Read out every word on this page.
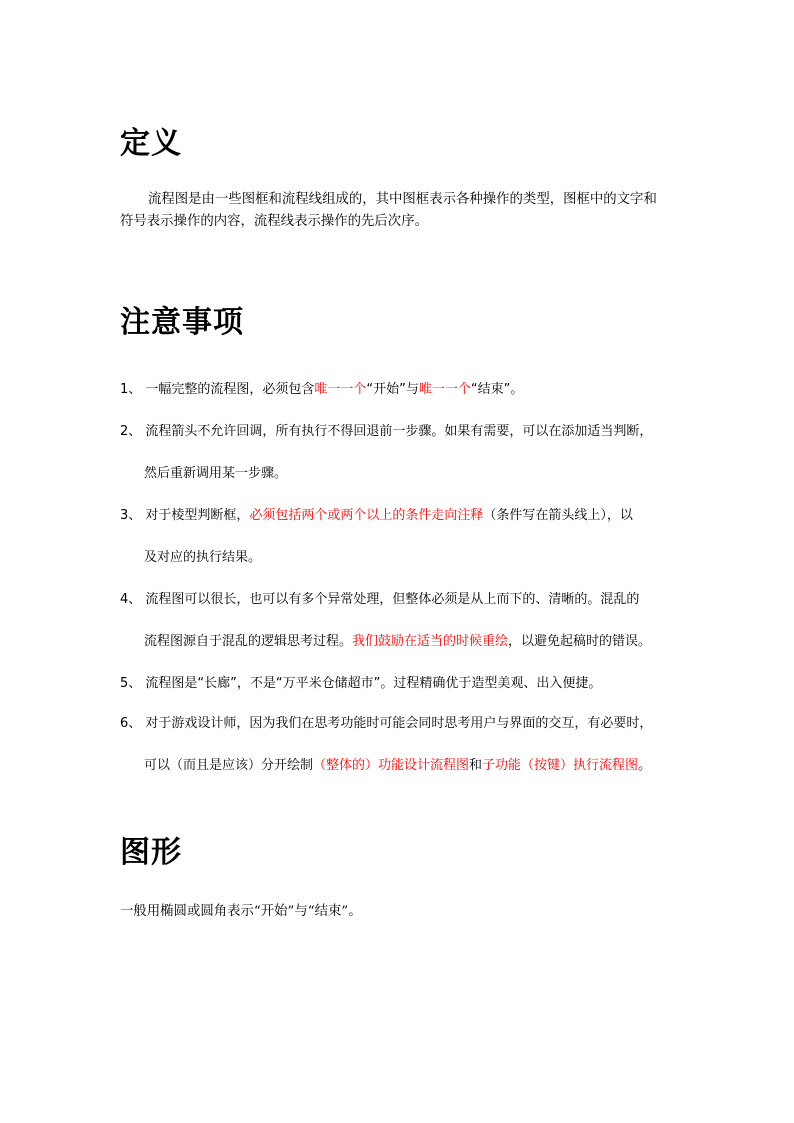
定义

流程图是由一些图框和流程线组成的，其中图框表示各种操作的类型，图框中的文字和
符号表示操作的内容，流程线表示操作的先后次序。

注意事项
1、 一幅完整的流程图，必须包含唯一一个“开始”与唯一一个“结束”。
2、 流程箭头不允许回调，所有执行不得回退前一步骤。如果有需要，可以在添加适当判断，
然后重新调用某一步骤。
3、 对于棱型判断框，必须包括两个或两个以上的条件走向注释（条件写在箭头线上），以
及对应的执行结果。
4、 流程图可以很长，也可以有多个异常处理，但整体必须是从上而下的、清晰的。混乱的
流程图源自于混乱的逻辑思考过程。我们鼓励在适当的时候重绘，以避免起稿时的错误。
5、 流程图是“长廊”，不是“万平米仓储超市”。过程精确优于造型美观、出入便捷。
6、 对于游戏设计师，因为我们在思考功能时可能会同时思考用户与界面的交互，有必要时，
可以（而且是应该）分开绘制（整体的）功能设计流程图和子功能（按键）执行流程图。
图形

一般用椭圆或圆角表示“开始”与“结束”。
